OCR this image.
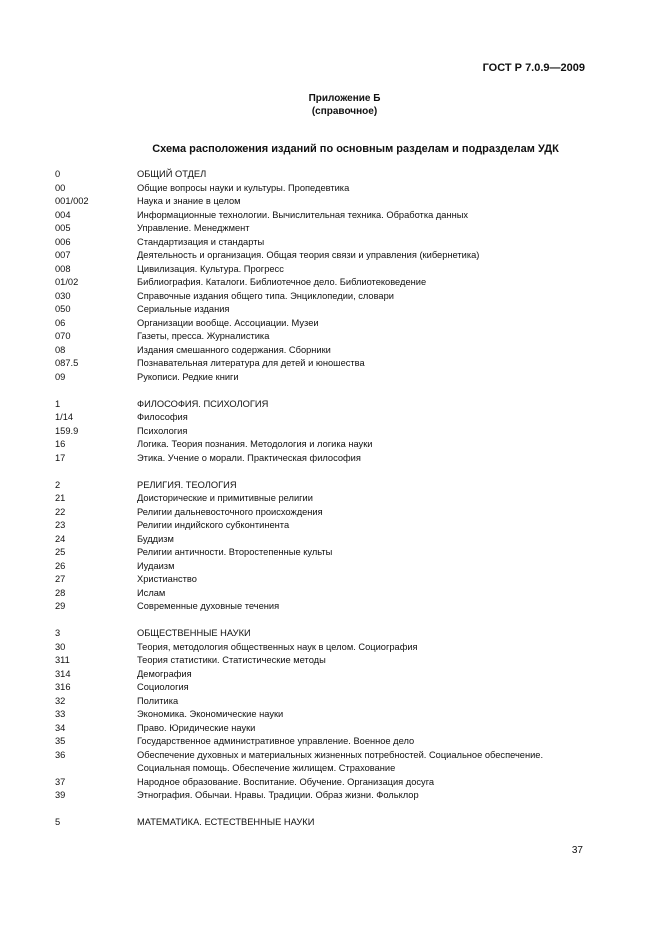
ГОСТ Р 7.0.9—2009
Приложение Б
(справочное)
Схема расположения изданий по основным разделам и подразделам УДК
0	ОБЩИЙ ОТДЕЛ
00	Общие вопросы науки и культуры. Пропедевтика
001/002	Наука и знание в целом
004	Информационные технологии. Вычислительная техника. Обработка данных
005	Управление. Менеджмент
006	Стандартизация и стандарты
007	Деятельность и организация. Общая теория связи и управления (кибернетика)
008	Цивилизация. Культура. Прогресс
01/02	Библиография. Каталоги. Библиотечное дело. Библиотековедение
030	Справочные издания общего типа. Энциклопедии, словари
050	Сериальные издания
06	Организации вообще. Ассоциации. Музеи
070	Газеты, пресса. Журналистика
08	Издания смешанного содержания. Сборники
087.5	Познавательная литература для детей и юношества
09	Рукописи. Редкие книги
1	ФИЛОСОФИЯ. ПСИХОЛОГИЯ
1/14	Философия
159.9	Психология
16	Логика. Теория познания. Методология и логика науки
17	Этика. Учение о морали. Практическая философия
2	РЕЛИГИЯ. ТЕОЛОГИЯ
21	Доисторические и примитивные религии
22	Религии дальневосточного происхождения
23	Религии индийского субконтинента
24	Буддизм
25	Религии античности. Второстепенные культы
26	Иудаизм
27	Христианство
28	Ислам
29	Современные духовные течения
3	ОБЩЕСТВЕННЫЕ НАУКИ
30	Теория, методология общественных наук в целом. Социография
311	Теория статистики. Статистические методы
314	Демография
316	Социология
32	Политика
33	Экономика. Экономические науки
34	Право. Юридические науки
35	Государственное административное управление. Военное дело
36	Обеспечение духовных и материальных жизненных потребностей. Социальное обеспечение. Социальная помощь. Обеспечение жилищем. Страхование
37	Народное образование. Воспитание. Обучение. Организация досуга
39	Этнография. Обычаи. Нравы. Традиции. Образ жизни. Фольклор
5	МАТЕМАТИКА. ЕСТЕСТВЕННЫЕ НАУКИ
37
